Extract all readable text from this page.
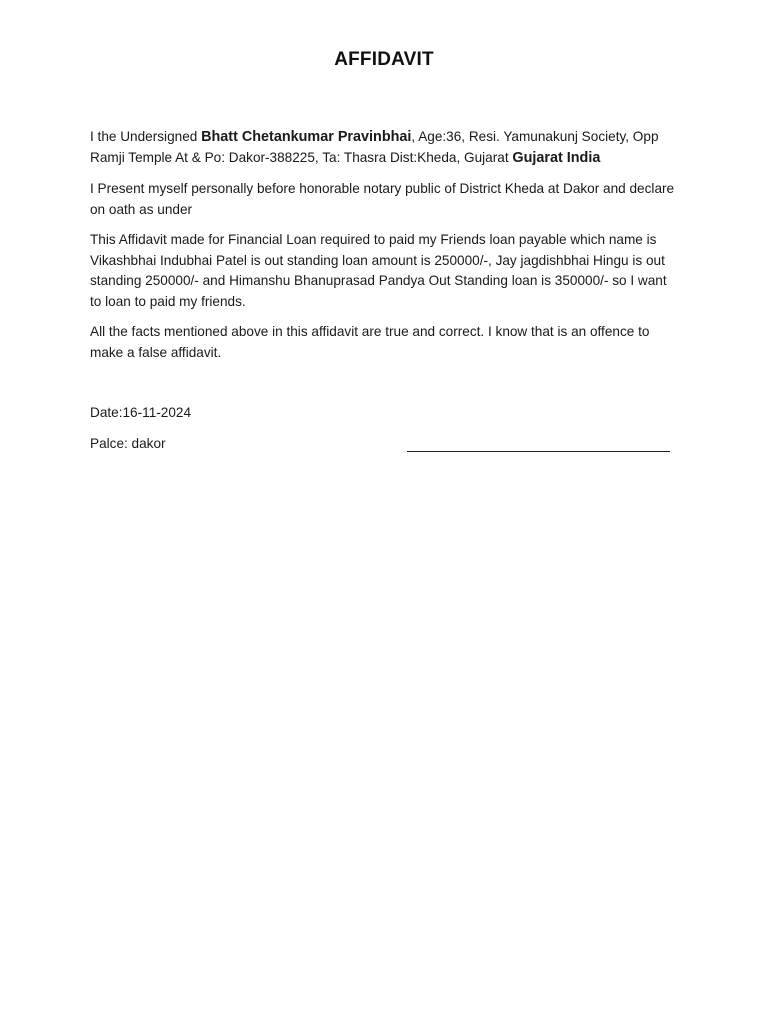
AFFIDAVIT
I the Undersigned Bhatt Chetankumar Pravinbhai, Age:36, Resi. Yamunakunj Society, Opp Ramji Temple At & Po: Dakor-388225, Ta: Thasra Dist:Kheda, Gujarat Gujarat India
I Present myself personally before honorable notary public of District Kheda at Dakor and declare on oath as under
This Affidavit made for Financial Loan required to paid my Friends loan payable which name is Vikashbhai Indubhai Patel is out standing loan amount is 250000/-, Jay jagdishbhai Hingu is out standing 250000/- and Himanshu Bhanuprasad Pandya Out Standing loan is 350000/- so I want to loan to paid my friends.
All the facts mentioned above in this affidavit are true and correct. I know that is an offence to make a false affidavit.
Date:16-11-2024
Palce: dakor
